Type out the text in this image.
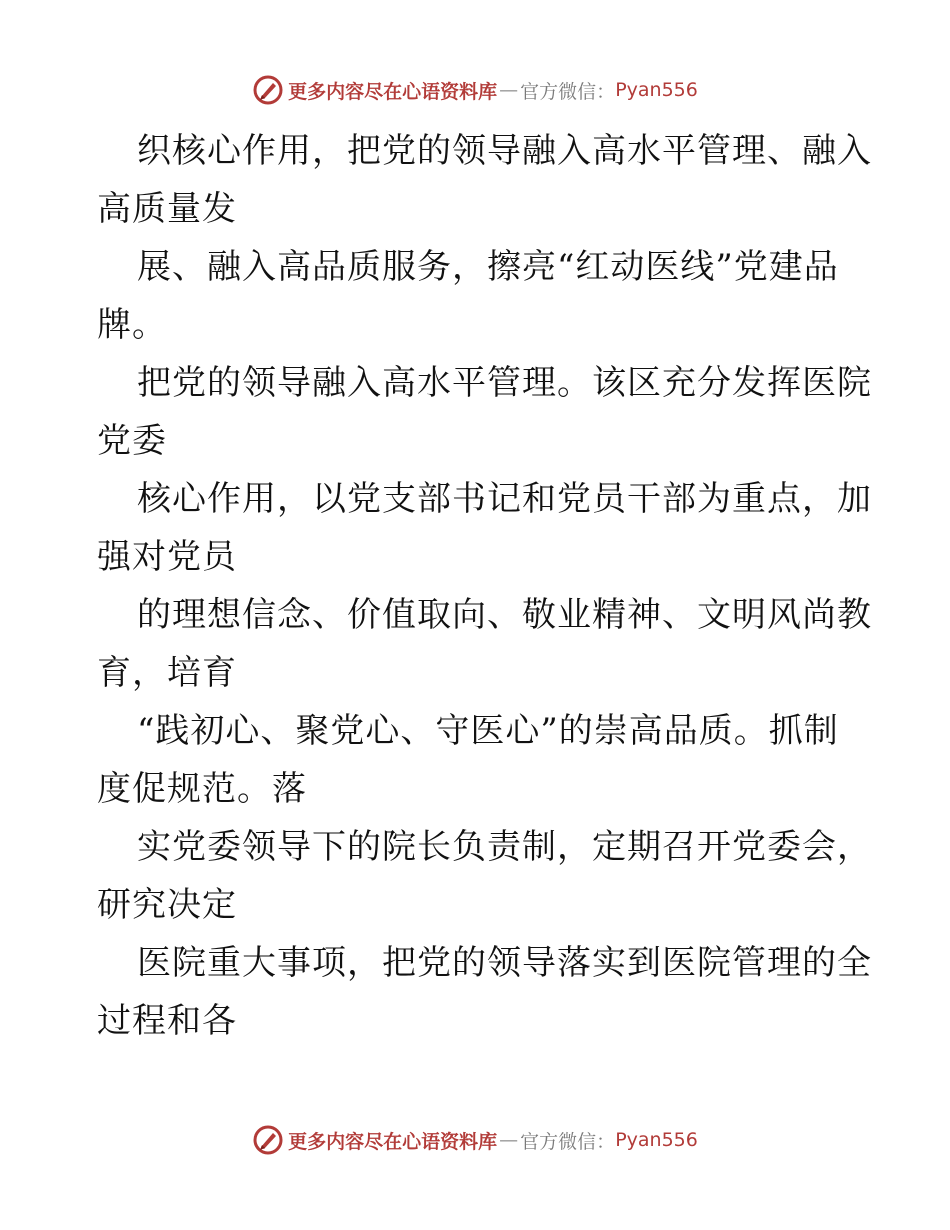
更多内容尽在心语资料库 — 官方微信： Pyan556
织核心作用，把党的领导融入高水平管理、融入
高质量发
展、融入高品质服务，擦亮“红动医线”党建品
牌。
把党的领导融入高水平管理。该区充分发挥医院
党委
核心作用，以党支部书记和党员干部为重点，加
强对党员
的理想信念、价值取向、敬业精神、文明风尚教
育，培育
“践初心、聚党心、守医心”的崇高品质。抓制
度促规范。落
实党委领导下的院长负责制，定期召开党委会，
研究决定
医院重大事项，把党的领导落实到医院管理的全
过程和各
更多内容尽在心语资料库 — 官方微信： Pyan556
